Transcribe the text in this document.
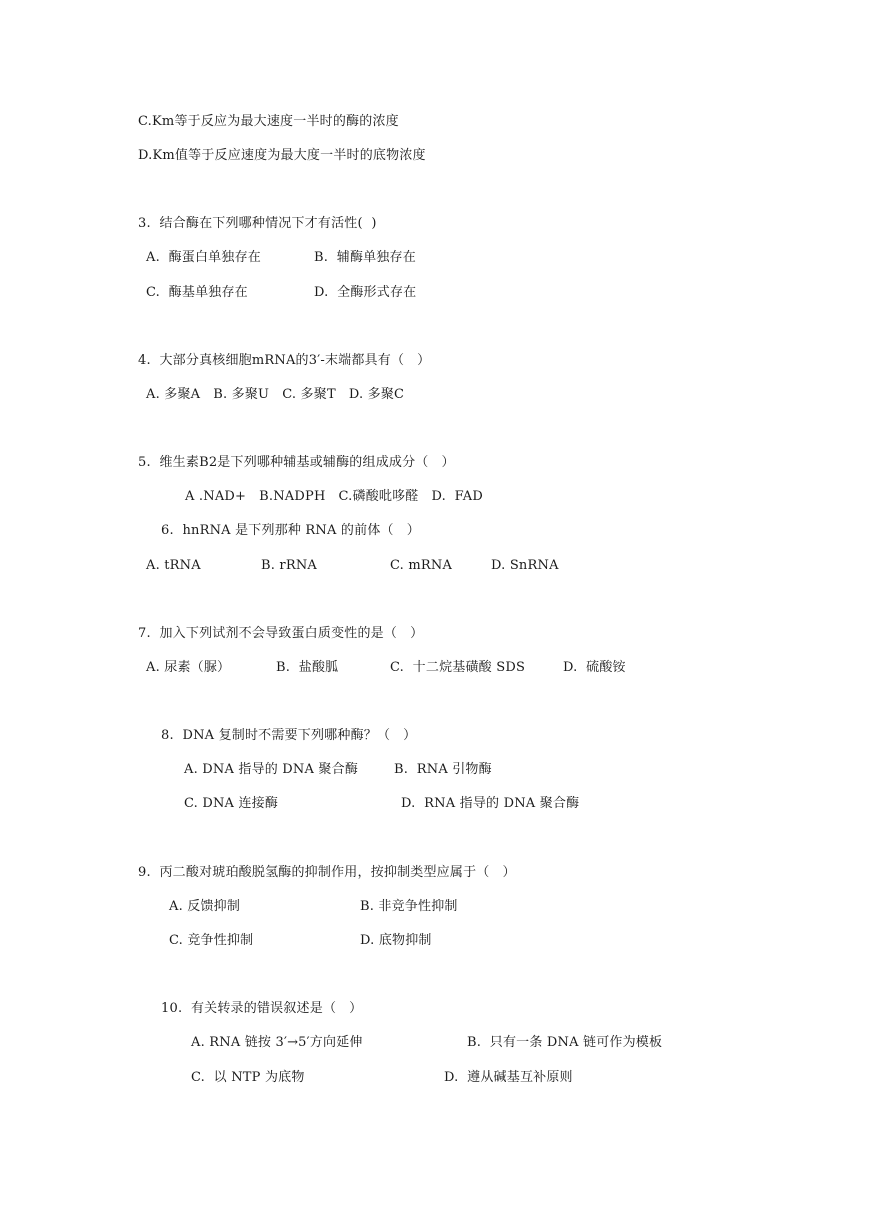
C.Km等于反应为最大速度一半时的酶的浓度
D.Km值等于反应速度为最大度一半时的底物浓度
3.  结合酶在下列哪种情况下才有活性(  )
A.  酶蛋白单独存在	B.  辅酶单独存在
C.  酶基单独存在	D.  全酶形式存在
4.  大部分真核细胞mRNA的3′-末端都具有（   ）
A. 多聚A   B. 多聚U   C. 多聚T   D. 多聚C
5.  维生素B2是下列哪种辅基或辅酶的组成成分（   ）
A .NAD+   B.NADPH   C.磷酸吡哆醛   D.  FAD
6.  hnRNA 是下列那种 RNA 的前体（   ）
A. tRNA	B. rRNA	C. mRNA	D. SnRNA
7.  加入下列试剂不会导致蛋白质变性的是（   ）
A. 尿素（脲）	B.  盐酸胍	C.  十二烷基磺酸 SDS	D.  硫酸铵
8.  DNA 复制时不需要下列哪种酶？（   ）
A. DNA 指导的 DNA 聚合酶	B.  RNA 引物酶
C. DNA 连接酶	D.  RNA 指导的 DNA 聚合酶
9.  丙二酸对琥珀酸脱氢酶的抑制作用，按抑制类型应属于（   ）
A. 反馈抑制	B. 非竞争性抑制
C. 竞争性抑制	D. 底物抑制
10.  有关转录的错误叙述是（   ）
A. RNA 链按 3′→5′方向延伸	B.  只有一条 DNA 链可作为模板
C.  以 NTP 为底物	D.  遵从碱基互补原则
